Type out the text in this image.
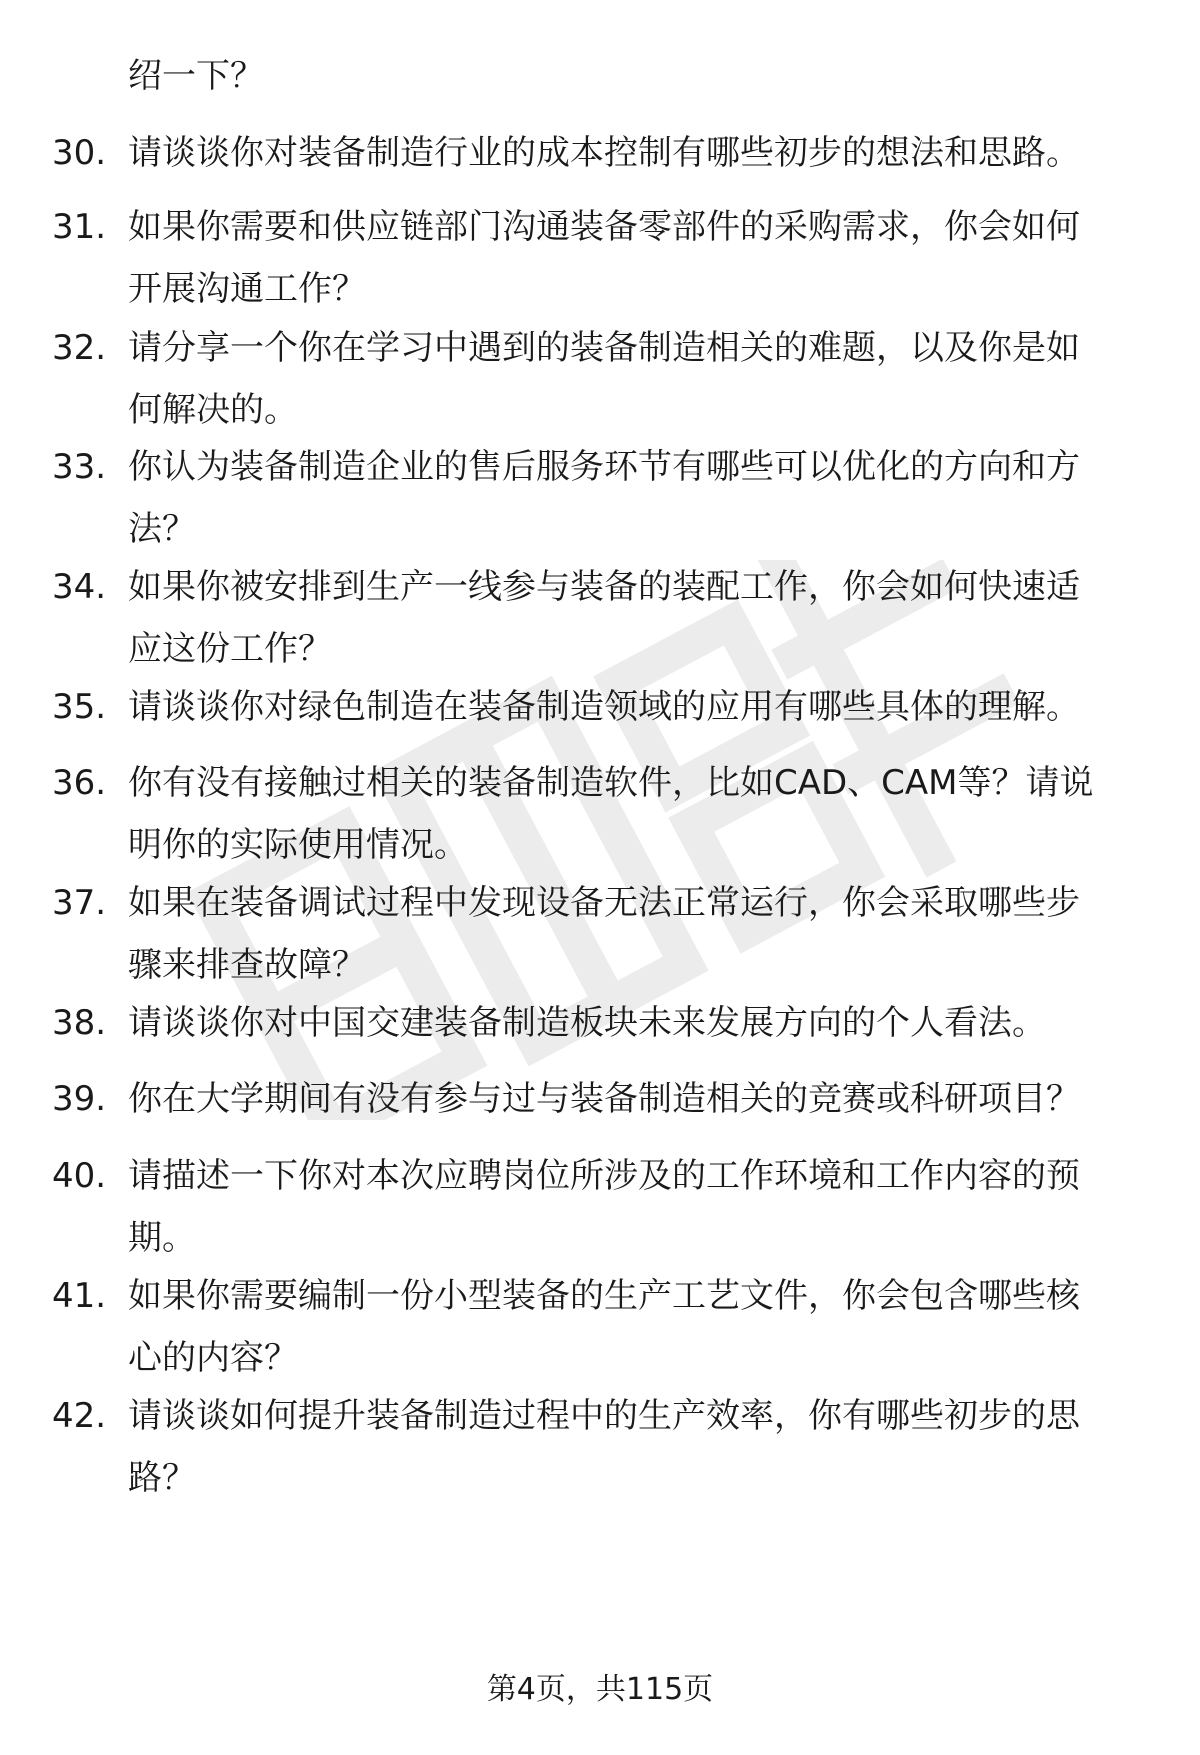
绍一下？
30. 请谈谈你对装备制造行业的成本控制有哪些初步的想法和思路。
31. 如果你需要和供应链部门沟通装备零部件的采购需求，你会如何
开展沟通工作？
32. 请分享一个你在学习中遇到的装备制造相关的难题，以及你是如
何解决的。
33. 你认为装备制造企业的售后服务环节有哪些可以优化的方向和方
法？
34. 如果你被安排到生产一线参与装备的装配工作，你会如何快速适
应这份工作？
35. 请谈谈你对绿色制造在装备制造领域的应用有哪些具体的理解。
36. 你有没有接触过相关的装备制造软件，比如CAD、CAM等？请说
明你的实际使用情况。
37. 如果在装备调试过程中发现设备无法正常运行，你会采取哪些步
骤来排查故障？
38. 请谈谈你对中国交建装备制造板块未来发展方向的个人看法。
39. 你在大学期间有没有参与过与装备制造相关的竞赛或科研项目？
40. 请描述一下你对本次应聘岗位所涉及的工作环境和工作内容的预
期。
41. 如果你需要编制一份小型装备的生产工艺文件，你会包含哪些核
心的内容？
42. 请谈谈如何提升装备制造过程中的生产效率，你有哪些初步的思
路？
第4页，共115页
